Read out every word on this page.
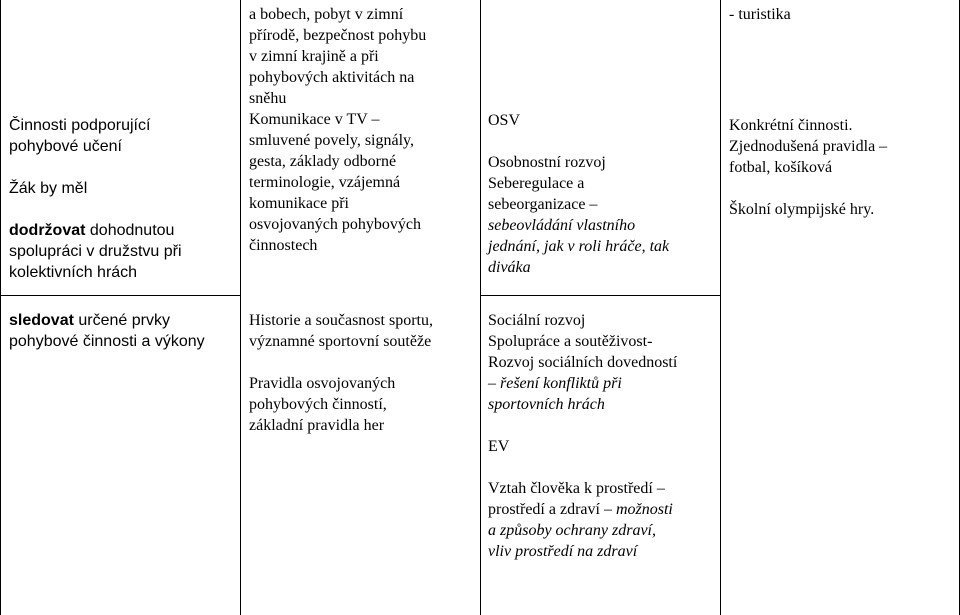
Činnosti podporující

pohybové učení

Žák by měl

dodržovat dohodnutou

spolupráci v družstvu při

kolektivních hrách

a bobech, pobyt v zimní

přírodě, bezpečnost pohybu

v zimní krajině a při

pohybových aktivitách na

sněhu

Komunikace v TV –

smluvené povely, signály,

gesta, základy odborné

terminologie, vzájemná

komunikace při

osvojovaných pohybových

činnostech

OSV

Osobnostní rozvoj

Seberegulace a

sebeorganizace –

sebeovládání vlastního

jednání, jak v roli hráče, tak

diváka

- turistika

Konkrétní činnosti.

Zjednodušená pravidla –

fotbal, košíková

Školní olympijské hry.

sledovat určené prvky

pohybové činnosti a výkony

Historie a současnost sportu,

významné sportovní soutěže

Pravidla osvojovaných

pohybových činností,

základní pravidla her

Sociální rozvoj

Spolupráce a soutěživost-

Rozvoj sociálních dovedností

– řešení konfliktů při

sportovních hrách

EV

Vztah člověka k prostředí –

prostředí a zdraví – možnosti

a způsoby ochrany zdraví,

vliv prostředí na zdraví
